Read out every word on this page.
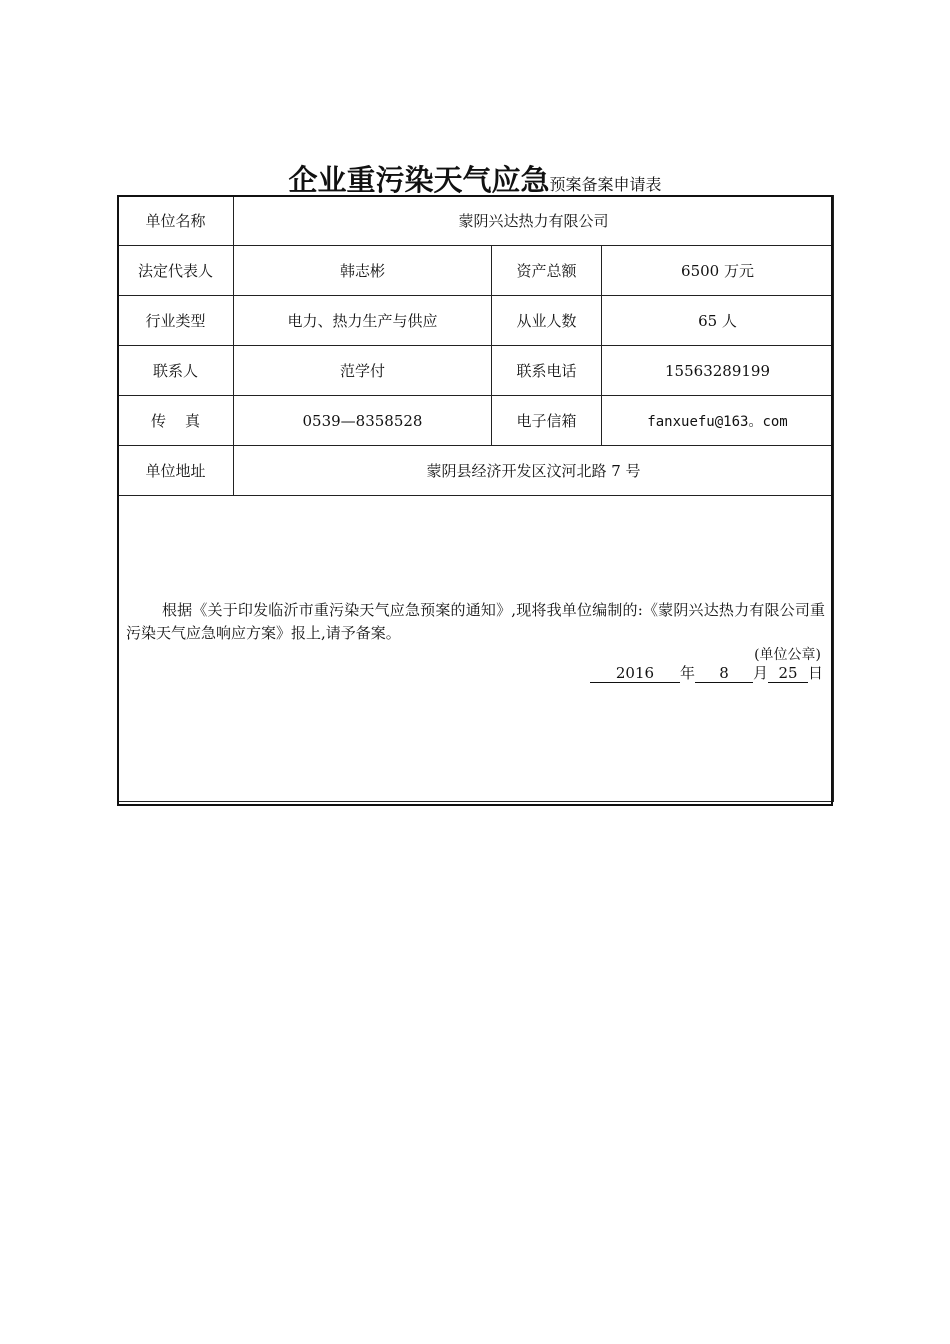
企业重污染天气应急预案备案申请表
单位名称	蒙阴兴达热力有限公司		
法定代表人	韩志彬	资产总额	6500 万元
行业类型	电力、热力生产与供应	从业人数	65 人
联系人	范学付	联系电话	15563289199
传    真	0539—8358528	电子信箱	fanxuefu@163。com
单位地址	蒙阴县经济开发区汶河北路 7 号		

根据《关于印发临沂市重污染天气应急预案的通知》,现将我单位编制的:《蒙阴兴达热力有限公司重污染天气应急响应方案》报上,请予备案。
(单位公章)
2016 年 8 月 25 日			
